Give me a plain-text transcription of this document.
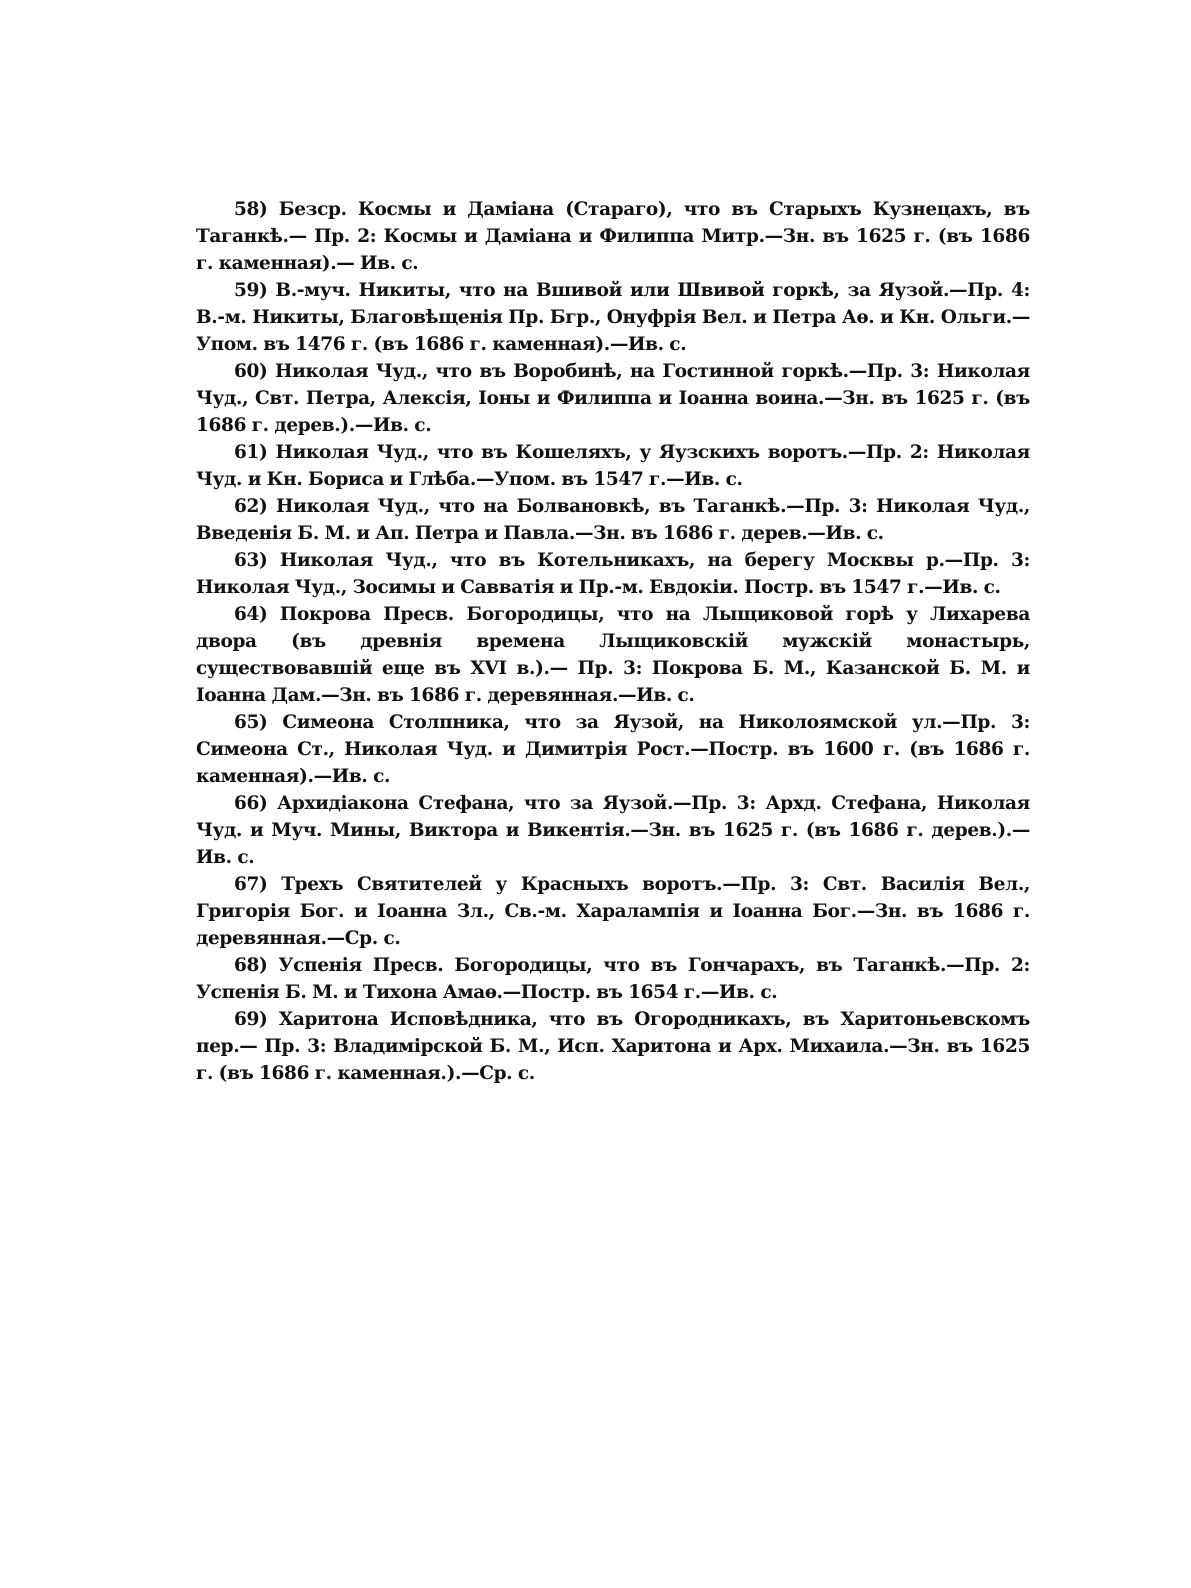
58) Безср. Космы и Даміана (Стараго), что въ Старыхъ Кузнецахъ, въ Таганкѣ.— Пр. 2: Космы и Даміана и Филиппа Митр.—Зн. въ 1625 г. (въ 1686 г. каменная).— Ив. с.

59) В.-муч. Никиты, что на Вшивой или Швивой горкѣ, за Яузой.—Пр. 4: В.-м. Никиты, Благовѣщенія Пр. Бгр., Онуфрія Вел. и Петра Аѳ. и Кн. Ольги.—Упом. въ 1476 г. (въ 1686 г. каменная).—Ив. с.

60) Николая Чуд., что въ Воробинѣ, на Гостинной горкѣ.—Пр. 3: Николая Чуд., Свт. Петра, Алексія, Іоны и Филиппа и Іоанна воина.—Зн. въ 1625 г. (въ 1686 г. дерев.).—Ив. с.

61) Николая Чуд., что въ Кошеляхъ, у Яузскихъ воротъ.—Пр. 2: Николая Чуд. и Кн. Бориса и Глѣба.—Упом. въ 1547 г.—Ив. с.

62) Николая Чуд., что на Болвановкѣ, въ Таганкѣ.—Пр. 3: Николая Чуд., Введенія Б. М. и Ап. Петра и Павла.—Зн. въ 1686 г. дерев.—Ив. с.

63) Николая Чуд., что въ Котельникахъ, на берегу Москвы р.—Пр. 3: Николая Чуд., Зосимы и Савватія и Пр.-м. Евдокіи. Постр. въ 1547 г.—Ив. с.

64) Покрова Пресв. Богородицы, что на Лыщиковой горѣ у Лихарева двора (въ древнія времена Лыщиковскій мужскій монастырь, существовавшій еще въ XVI в.).— Пр. 3: Покрова Б. М., Казанской Б. М. и Іоанна Дам.—Зн. въ 1686 г. деревянная.—Ив. с.

65) Симеона Столпника, что за Яузой, на Николоямской ул.—Пр. 3: Симеона Ст., Николая Чуд. и Димитрія Рост.—Постр. въ 1600 г. (въ 1686 г. каменная).—Ив. с.

66) Архидіакона Стефана, что за Яузой.—Пр. 3: Архд. Стефана, Николая Чуд. и Муч. Мины, Виктора и Викентія.—Зн. въ 1625 г. (въ 1686 г. дерев.).—Ив. с.

67) Трехъ Святителей у Красныхъ воротъ.—Пр. 3: Свт. Василія Вел., Григорія Бог. и Іоанна Зл., Св.-м. Харалампія и Іоанна Бог.—Зн. въ 1686 г. деревянная.—Ср. с.

68) Успенія Пресв. Богородицы, что въ Гончарахъ, въ Таганкѣ.—Пр. 2: Успенія Б. М. и Тихона Амаѳ.—Постр. въ 1654 г.—Ив. с.

69) Харитона Исповѣдника, что въ Огородникахъ, въ Харитоньевскомъ пер.— Пр. 3: Владимірской Б. М., Исп. Харитона и Арх. Михаила.—Зн. въ 1625 г. (въ 1686 г. каменная.).—Ср. с.
